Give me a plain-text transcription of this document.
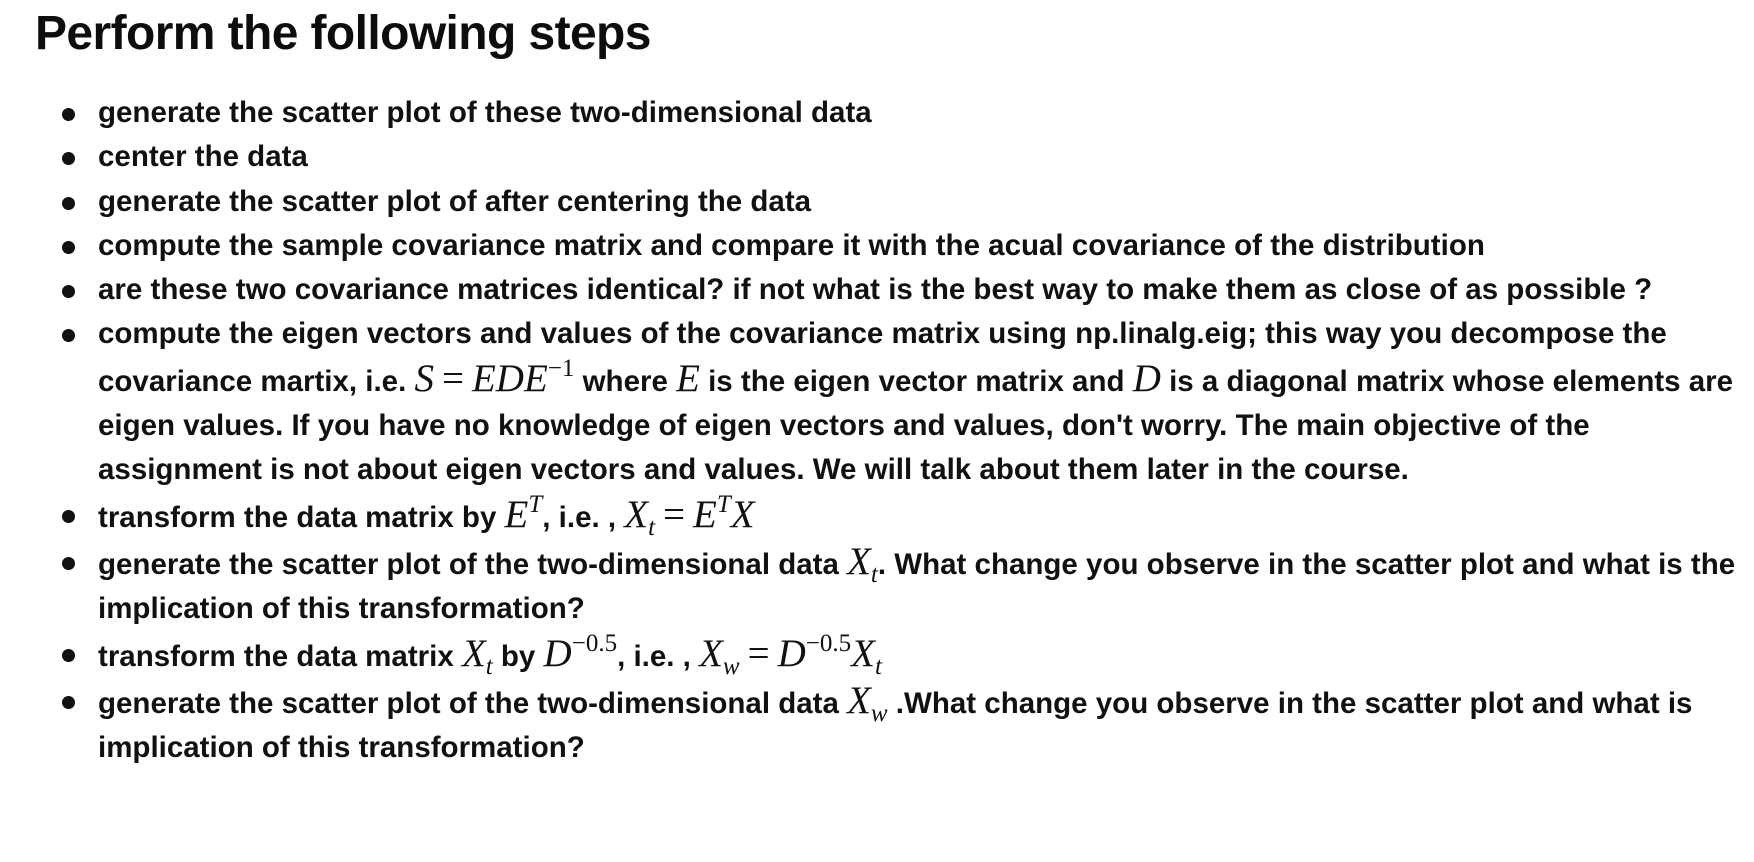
Perform the following steps
generate the scatter plot of these two-dimensional data
center the data
generate the scatter plot of after centering the data
compute the sample covariance matrix and compare it with the acual covariance of the distribution
are these two covariance matrices identical? if not what is the best way to make them as close of as possible ?
compute the eigen vectors and values of the covariance matrix using np.linalg.eig; this way you decompose the covariance martix, i.e. $S = EDE^{-1}$ where E is the eigen vector matrix and D is a diagonal matrix whose elements are eigen values. If you have no knowledge of eigen vectors and values, don't worry. The main objective of the assignment is not about eigen vectors and values. We will talk about them later in the course.
transform the data matrix by $E^T$, i.e. , $X_t = E^TX$
generate the scatter plot of the two-dimensional data $X_t$. What change you observe in the scatter plot and what is the implication of this transformation?
transform the data matrix $X_t$ by $D^{-0.5}$, i.e. , $X_w = D^{-0.5}X_t$
generate the scatter plot of the two-dimensional data $X_w$ .What change you observe in the scatter plot and what is implication of this transformation?
